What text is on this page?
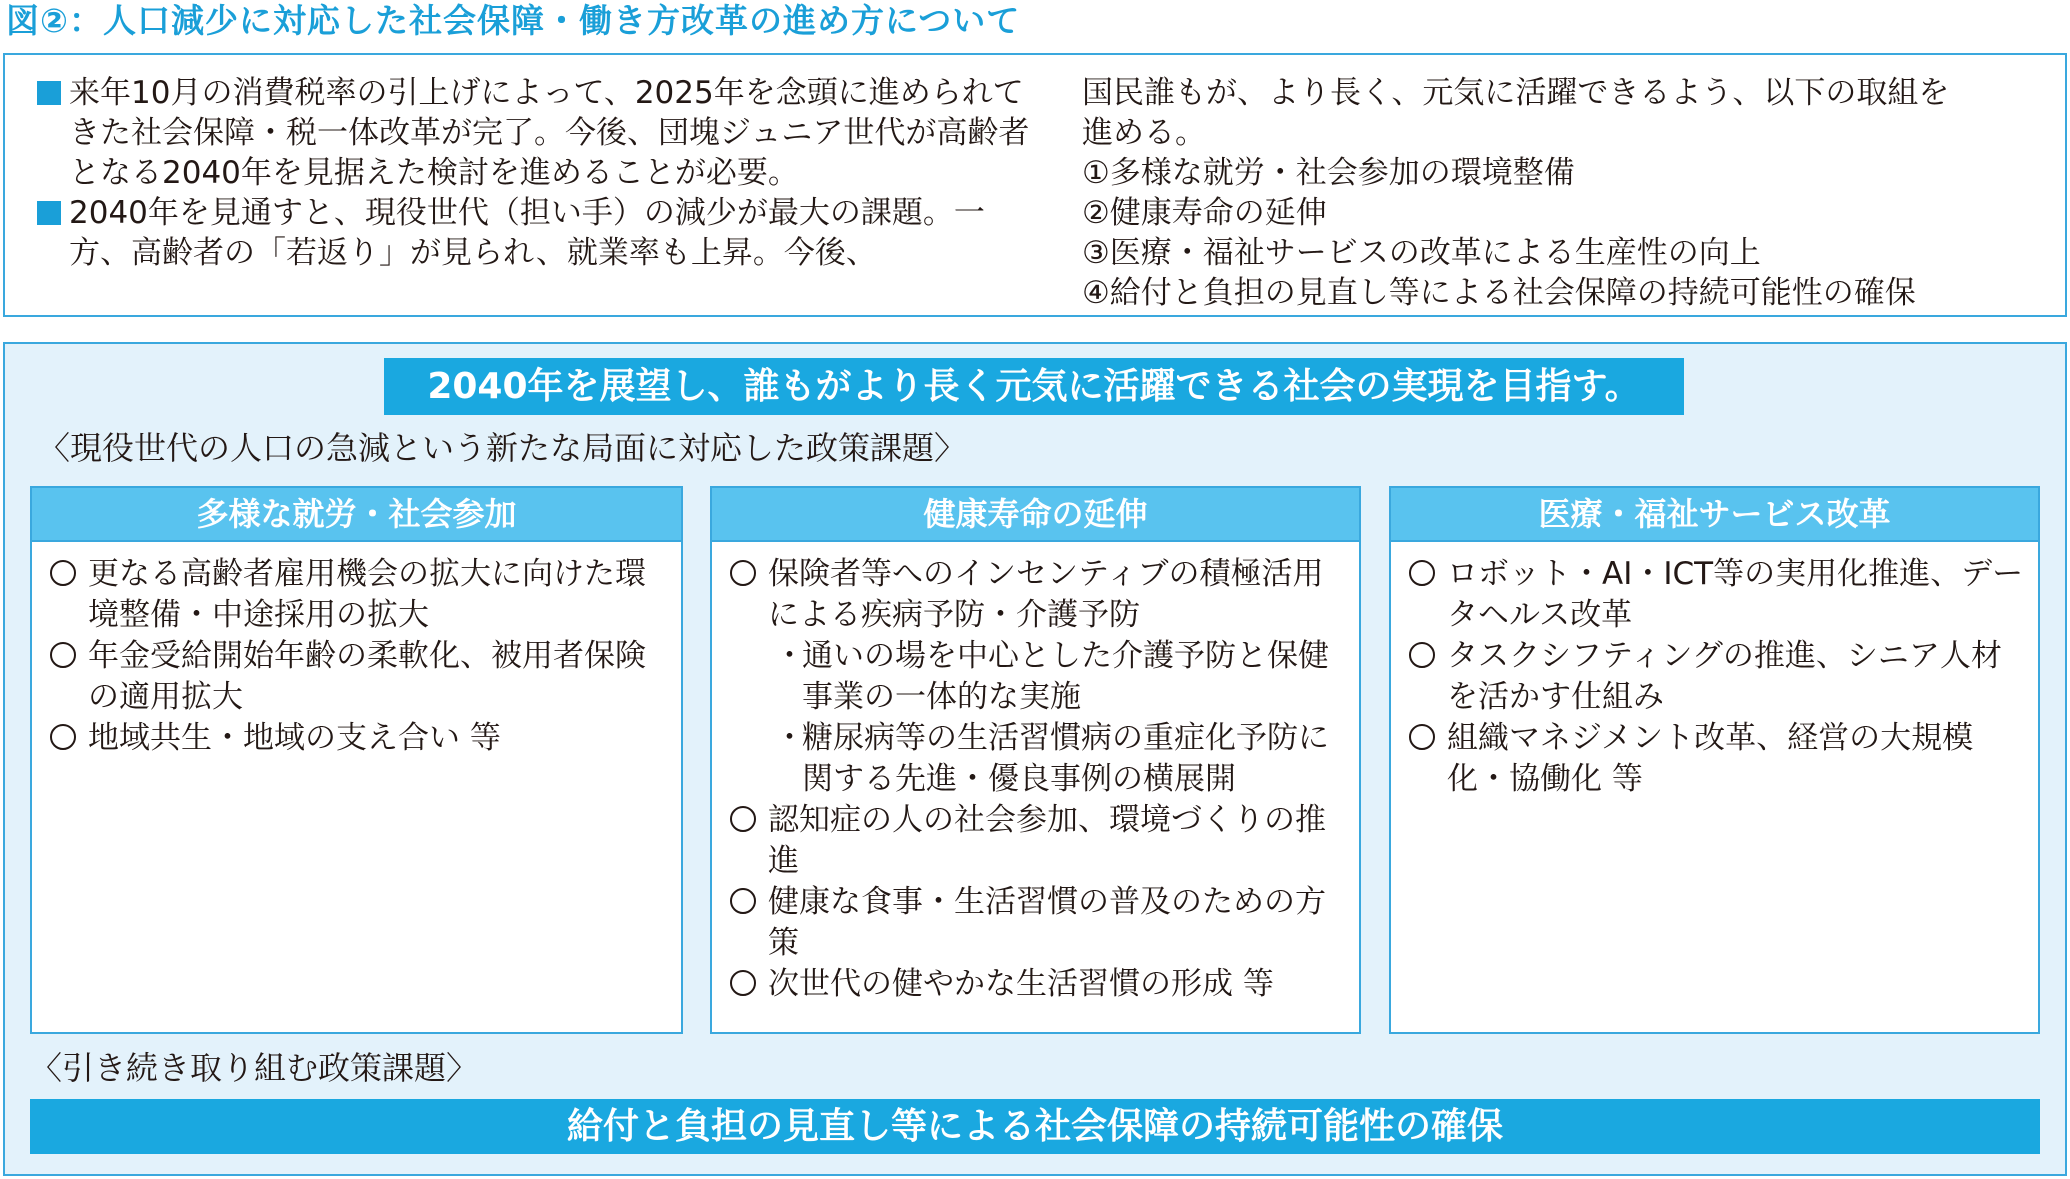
図②：人口減少に対応した社会保障・働き方改革の進め方について

来年10月の消費税率の引上げによって、2025年を念頭に進められてきた社会保障・税一体改革が完了。今後、団塊ジュニア世代が高齢者となる2040年を見据えた検討を進めることが必要。

2040年を見通すと、現役世代（担い手）の減少が最大の課題。一方、高齢者の「若返り」が見られ、就業率も上昇。今後、

国民誰もが、より長く、元気に活躍できるよう、以下の取組を

進める。

①多様な就労・社会参加の環境整備

②健康寿命の延伸

③医療・福祉サービスの改革による生産性の向上

④給付と負担の見直し等による社会保障の持続可能性の確保

2040年を展望し、誰もがより長く元気に活躍できる社会の実現を目指す。
〈現役世代の人口の急減という新たな局面に対応した政策課題〉
多様な就労・社会参加

更なる高齢者雇用機会の拡大に向けた環境整備・中途採用の拡大

年金受給開始年齢の柔軟化、被用者保険の適用拡大

地域共生・地域の支え合い 等

健康寿命の延伸

保険者等へのインセンティブの積極活用による疾病予防・介護予防

・
通いの場を中心とした介護予防と保健事業の一体的な実施

・
糖尿病等の生活習慣病の重症化予防に関する先進・優良事例の横展開

認知症の人の社会参加、環境づくりの推進

健康な食事・生活習慣の普及のための方策

次世代の健やかな生活習慣の形成 等

医療・福祉サービス改革

ロボット・AI・ICT等の実用化推進、データヘルス改革

タスクシフティングの推進、シニア人材を活かす仕組み

組織マネジメント改革、経営の大規模化・協働化 等

〈引き続き取り組む政策課題〉
給付と負担の見直し等による社会保障の持続可能性の確保
